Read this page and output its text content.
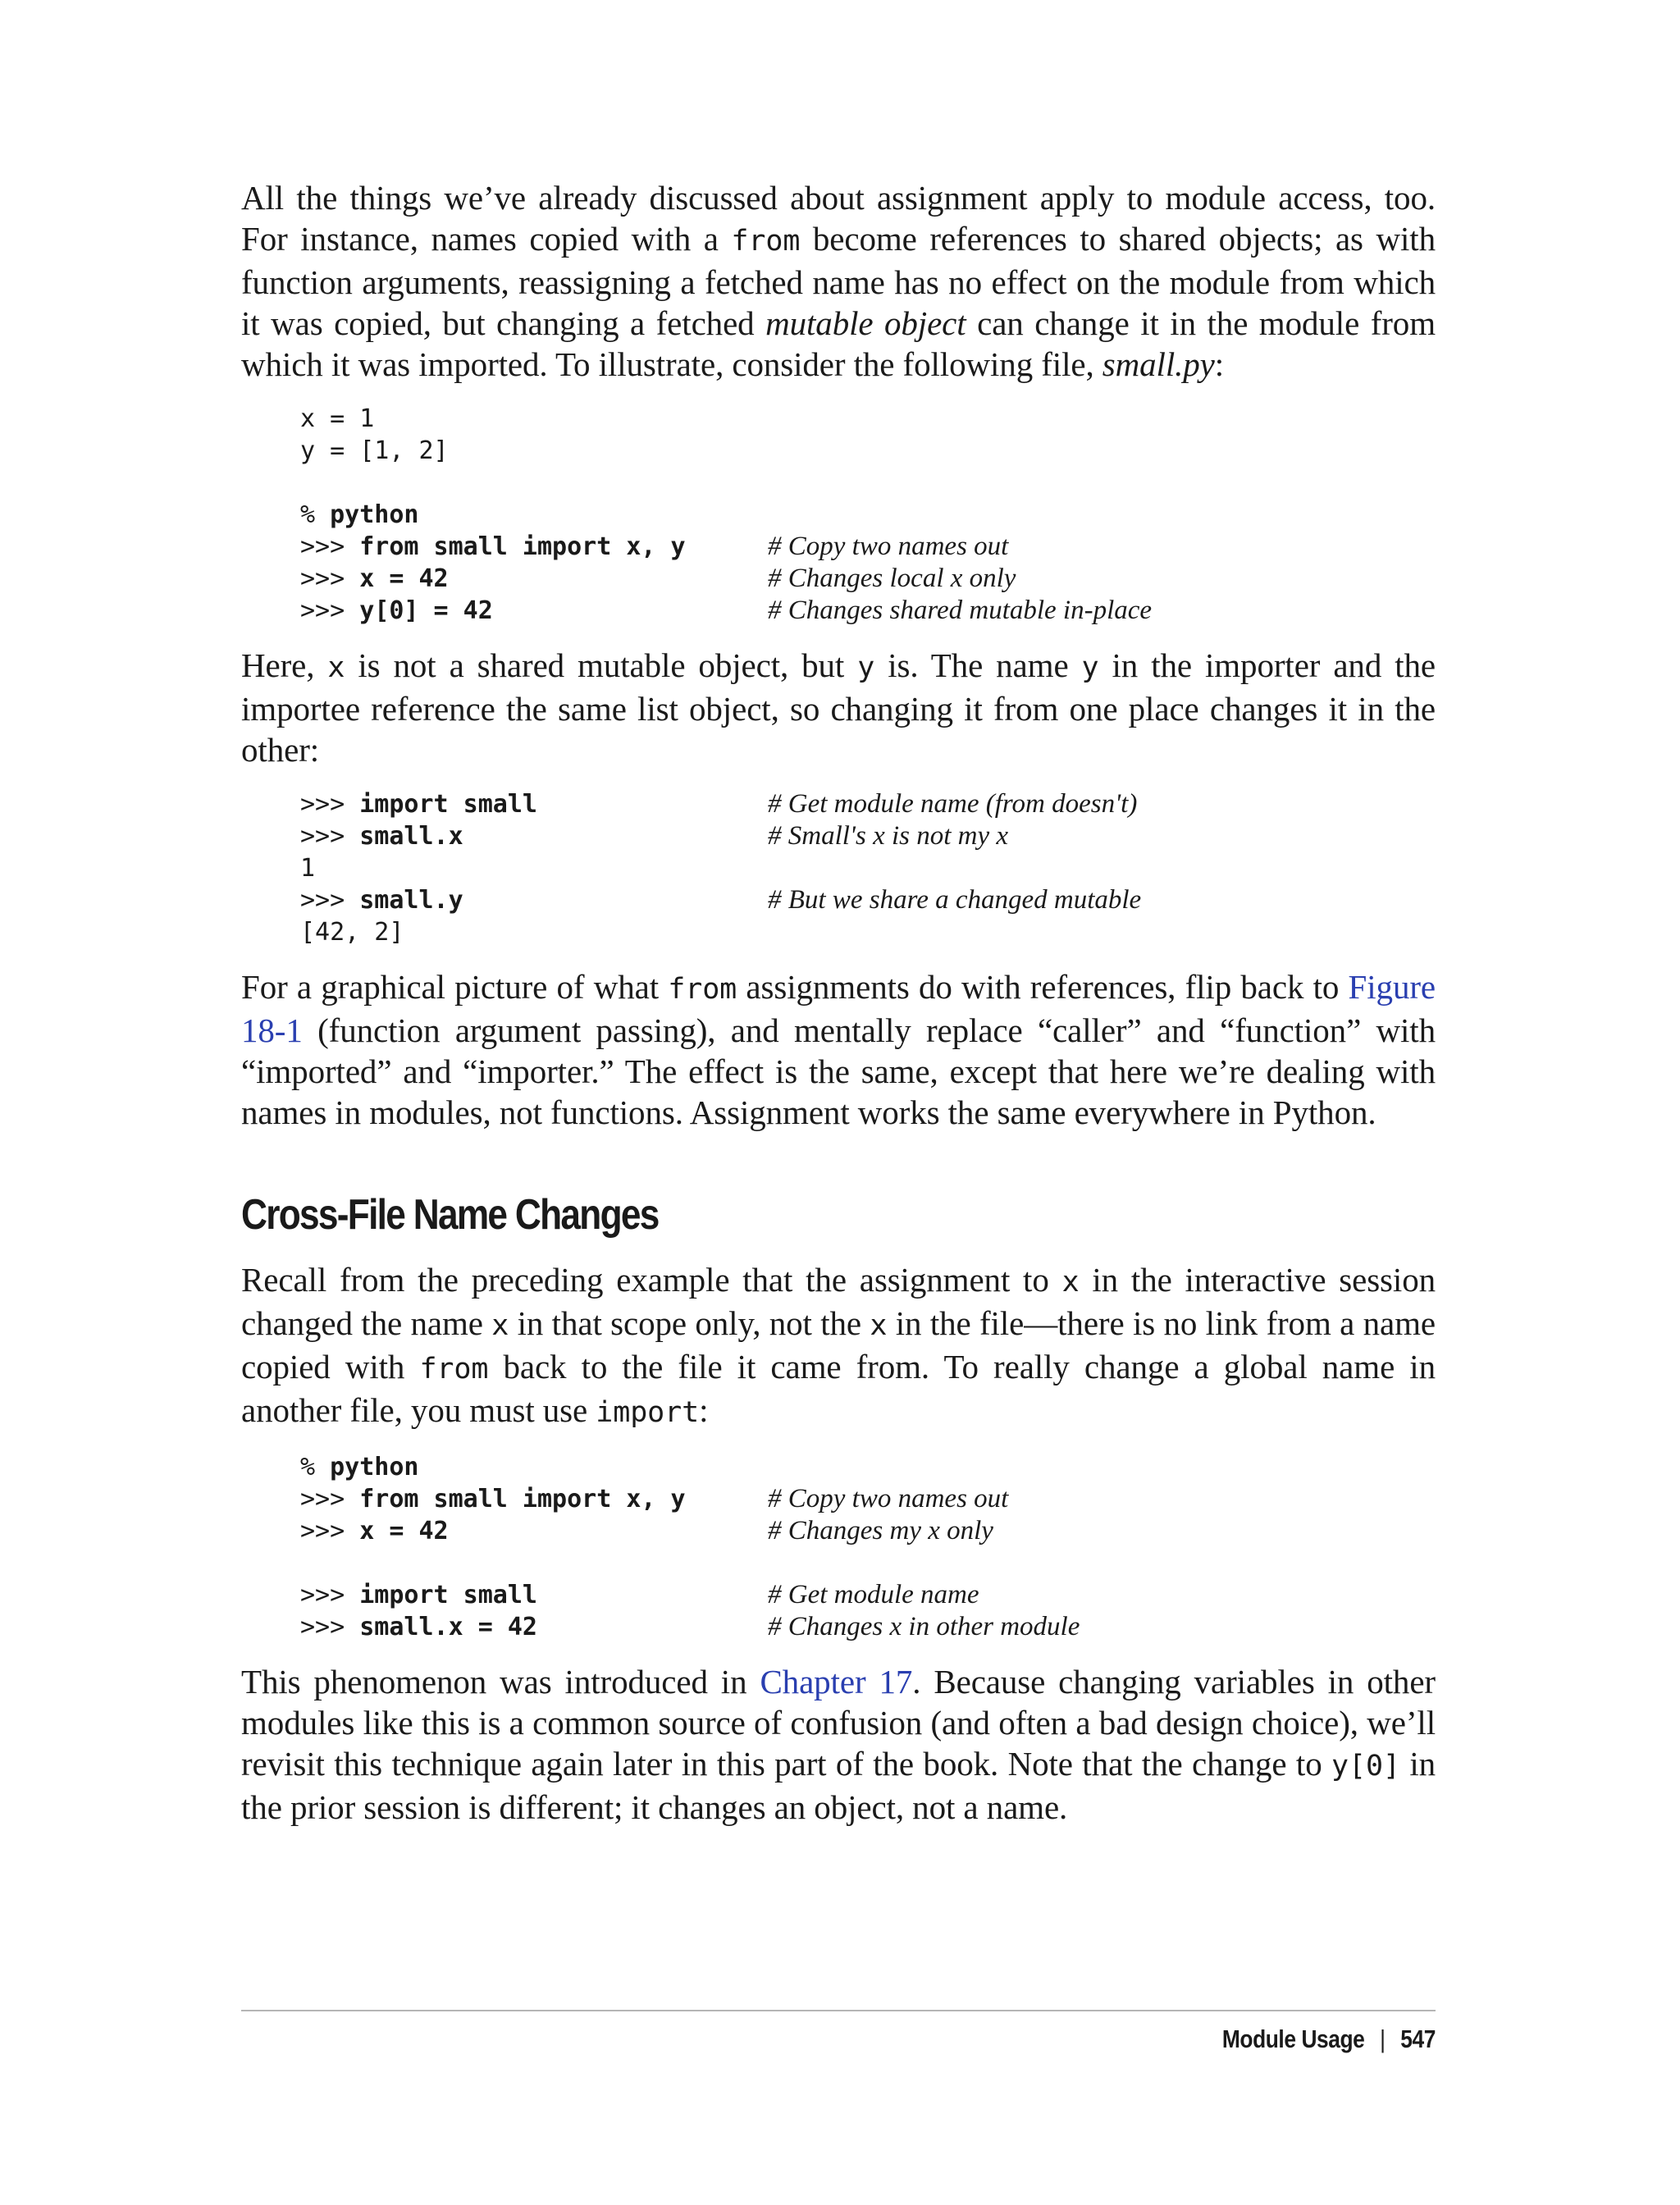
All the things we’ve already discussed about assignment apply to module access, too. For instance, names copied with a from become references to shared objects; as with function arguments, reassigning a fetched name has no effect on the module from which it was copied, but changing a fetched mutable object can change it in the module from which it was imported. To illustrate, consider the following file, small.py:

x = 1
y = [1, 2]
% python
>>> from small import x, y	# Copy two names out
>>> x = 42	# Changes local x only
>>> y[0] = 42	# Changes shared mutable in-place

Here, x is not a shared mutable object, but y is. The name y in the importer and the importee reference the same list object, so changing it from one place changes it in the other:

>>> import small	# Get module name (from doesn't)
>>> small.x	# Small's x is not my x
1
>>> small.y	# But we share a changed mutable
[42, 2]

For a graphical picture of what from assignments do with references, flip back to Figure 18-1 (function argument passing), and mentally replace “caller” and “function” with “imported” and “importer.” The effect is the same, except that here we’re dealing with names in modules, not functions. Assignment works the same everywhere in Python.

Cross-File Name Changes

Recall from the preceding example that the assignment to x in the interactive session changed the name x in that scope only, not the x in the file—there is no link from a name copied with from back to the file it came from. To really change a global name in another file, you must use import:

% python
>>> from small import x, y	# Copy two names out
>>> x = 42	# Changes my x only
>>> import small	# Get module name
>>> small.x = 42	# Changes x in other module

This phenomenon was introduced in Chapter 17. Because changing variables in other modules like this is a common source of confusion (and often a bad design choice), we’ll revisit this technique again later in this part of the book. Note that the change to y[0] in the prior session is different; it changes an object, not a name.

Module Usage | 547
